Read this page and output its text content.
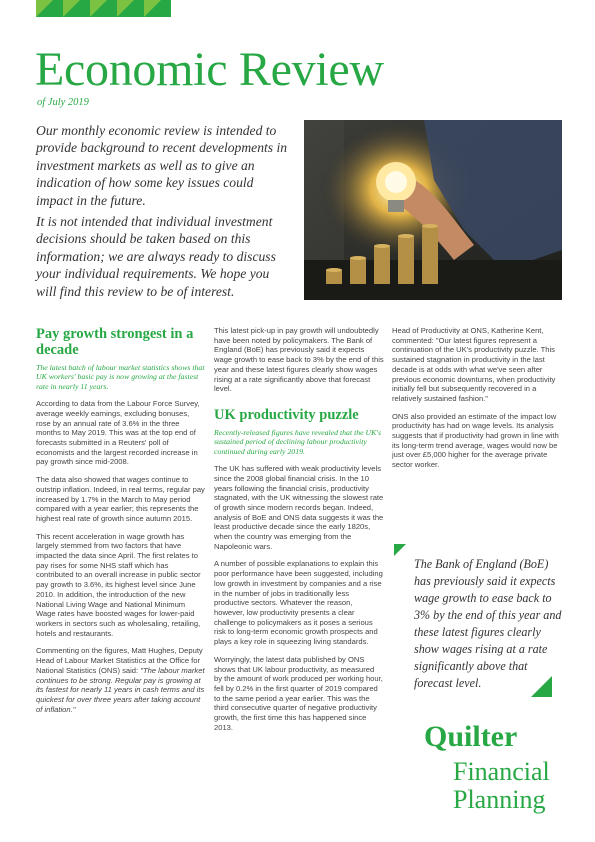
Economic Review
of July 2019
Our monthly economic review is intended to provide background to recent developments in investment markets as well as to give an indication of how some key issues could impact in the future.
It is not intended that individual investment decisions should be taken based on this information; we are always ready to discuss your individual requirements. We hope you will find this review to be of interest.
Pay growth strongest in a decade

The latest batch of labour market statistics shows that UK workers' basic pay is now growing at the fastest rate in nearly 11 years.

According to data from the Labour Force Survey, average weekly earnings, excluding bonuses, rose by an annual rate of 3.6% in the three months to May 2019. This was at the top end of forecasts submitted in a Reuters' poll of economists and the largest recorded increase in pay growth since mid-2008.

The data also showed that wages continue to outstrip inflation. Indeed, in real terms, regular pay increased by 1.7% in the March to May period compared with a year earlier; this represents the highest real rate of growth since autumn 2015.

This recent acceleration in wage growth has largely stemmed from two factors that have impacted the data since April. The first relates to pay rises for some NHS staff which has contributed to an overall increase in public sector pay growth to 3.6%, its highest level since June 2010. In addition, the introduction of the new National Living Wage and National Minimum Wage rates have boosted wages for lower-paid workers in sectors such as wholesaling, retailing, hotels and restaurants.

Commenting on the figures, Matt Hughes, Deputy Head of Labour Market Statistics at the Office for National Statistics (ONS) said: "The labour market continues to be strong. Regular pay is growing at its fastest for nearly 11 years in cash terms and its quickest for over three years after taking account of inflation."

This latest pick-up in pay growth will undoubtedly have been noted by policymakers. The Bank of England (BoE) has previously said it expects wage growth to ease back to 3% by the end of this year and these latest figures clearly show wages rising at a rate significantly above that forecast level.

UK productivity puzzle

Recently-released figures have revealed that the UK's sustained period of declining labour productivity continued during early 2019.

The UK has suffered with weak productivity levels since the 2008 global financial crisis. In the 10 years following the financial crisis, productivity stagnated, with the UK witnessing the slowest rate of growth since modern records began. Indeed, analysis of BoE and ONS data suggests it was the least productive decade since the early 1820s, when the country was emerging from the Napoleonic wars.

A number of possible explanations to explain this poor performance have been suggested, including low growth in investment by companies and a rise in the number of jobs in traditionally less productive sectors. Whatever the reason, however, low productivity presents a clear challenge to policymakers as it poses a serious risk to long-term economic growth prospects and plays a key role in squeezing living standards.

Worryingly, the latest data published by ONS shows that UK labour productivity, as measured by the amount of work produced per working hour, fell by 0.2% in the first quarter of 2019 compared to the same period a year earlier. This was the third consecutive quarter of negative productivity growth, the first time this has happened since 2013.

Head of Productivity at ONS, Katherine Kent, commented: "Our latest figures represent a continuation of the UK's productivity puzzle. This sustained stagnation in productivity in the last decade is at odds with what we've seen after previous economic downturns, when productivity initially fell but subsequently recovered in a relatively sustained fashion."

ONS also provided an estimate of the impact low productivity has had on wage levels. Its analysis suggests that if productivity had grown in line with its long-term trend average, wages would now be just over £5,000 higher for the average private sector worker.

The Bank of England (BoE) has previously said it expects wage growth to ease back to 3% by the end of this year and these latest figures clearly show wages rising at a rate significantly above that forecast level.
Quilter
Financial
Planning
